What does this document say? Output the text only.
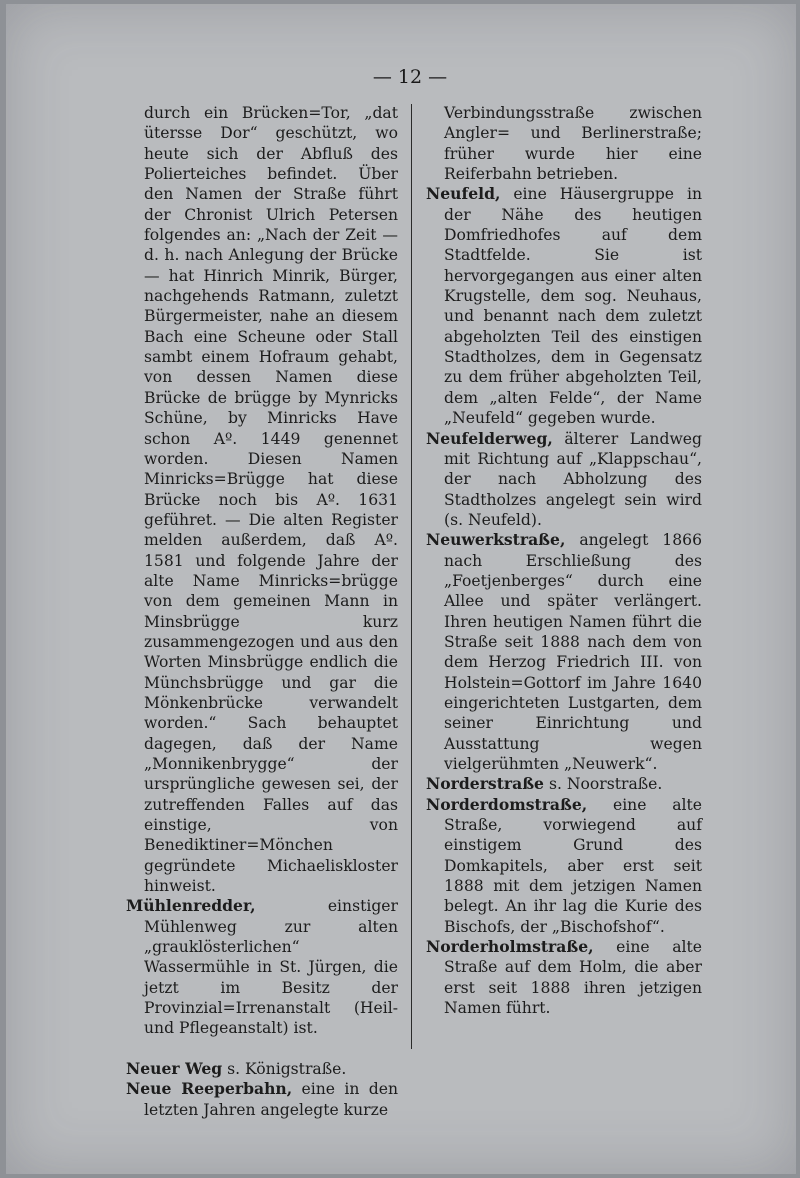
— 12 —

durch ein Brücken=Tor, „dat ütersse Dor“ geschützt, wo heute sich der Abfluß des Polierteiches befindet. Über den Namen der Straße führt der Chronist Ulrich Petersen folgendes an: „Nach der Zeit — d. h. nach Anlegung der Brücke — hat Hinrich Minrik, Bürger, nachgehends Ratmann, zuletzt Bürgermeister, nahe an diesem Bach eine Scheune oder Stall sambt einem Hofraum gehabt, von dessen Namen diese Brücke de brügge by Mynricks Schüne, by Minricks Have schon Aº. 1449 genennet worden. Diesen Namen Minricks=Brügge hat diese Brücke noch bis Aº. 1631 geführet. — Die alten Register melden außerdem, daß Aº. 1581 und folgende Jahre der alte Name Minricks=brügge von dem gemeinen Mann in Minsbrügge kurz zusammengezogen und aus den Worten Minsbrügge endlich die Münchsbrügge und gar die Mönkenbrücke verwandelt worden.“ Sach behauptet dagegen, daß der Name „Monnikenbrygge“ der ursprüngliche gewesen sei, der zutreffenden Falles auf das einstige, von Benediktiner=Mönchen gegründete Michaeliskloster hinweist.

Mühlenredder,	einstiger Mühlenweg zur alten „grauklösterlichen“ Wassermühle in St. Jürgen, die jetzt im Besitz der Provinzial=Irrenanstalt (Heil- und Pflegeanstalt) ist.

Neuer Weg s. Königstraße.

Neue Reeperbahn, eine in den letzten Jahren angelegte kurze

Verbindungsstraße zwischen Angler= und Berlinerstraße; früher wurde hier eine Reiferbahn betrieben.

Neufeld, eine Häusergruppe in der Nähe des heutigen Domfriedhofes auf dem Stadtfelde. Sie ist hervorgegangen aus einer alten Krugstelle, dem sog. Neuhaus, und benannt nach dem zuletzt abgeholzten Teil des einstigen Stadtholzes, dem in Gegensatz zu dem früher abgeholzten Teil, dem „alten Felde“, der Name „Neufeld“ gegeben wurde.

Neufelderweg, älterer Landweg mit Richtung auf „Klappschau“, der nach Abholzung des Stadtholzes angelegt sein wird (s. Neufeld).

Neuwerkstraße, angelegt 1866 nach Erschließung des „Foetjenberges“ durch eine Allee und später verlängert. Ihren heutigen Namen führt die Straße seit 1888 nach dem von dem Herzog Friedrich III. von Holstein=Gottorf im Jahre 1640 eingerichteten Lustgarten, dem seiner Einrichtung und Ausstattung wegen vielgerühmten „Neuwerk“.

Norderstraße s. Noorstraße.

Norderdomstraße, eine alte Straße, vorwiegend auf einstigem Grund des Domkapitels, aber erst seit 1888 mit dem jetzigen Namen belegt. An ihr lag die Kurie des Bischofs, der „Bischofshof“.

Norderholmstraße, eine alte Straße auf dem Holm, die aber erst seit 1888 ihren jetzigen Namen führt.
